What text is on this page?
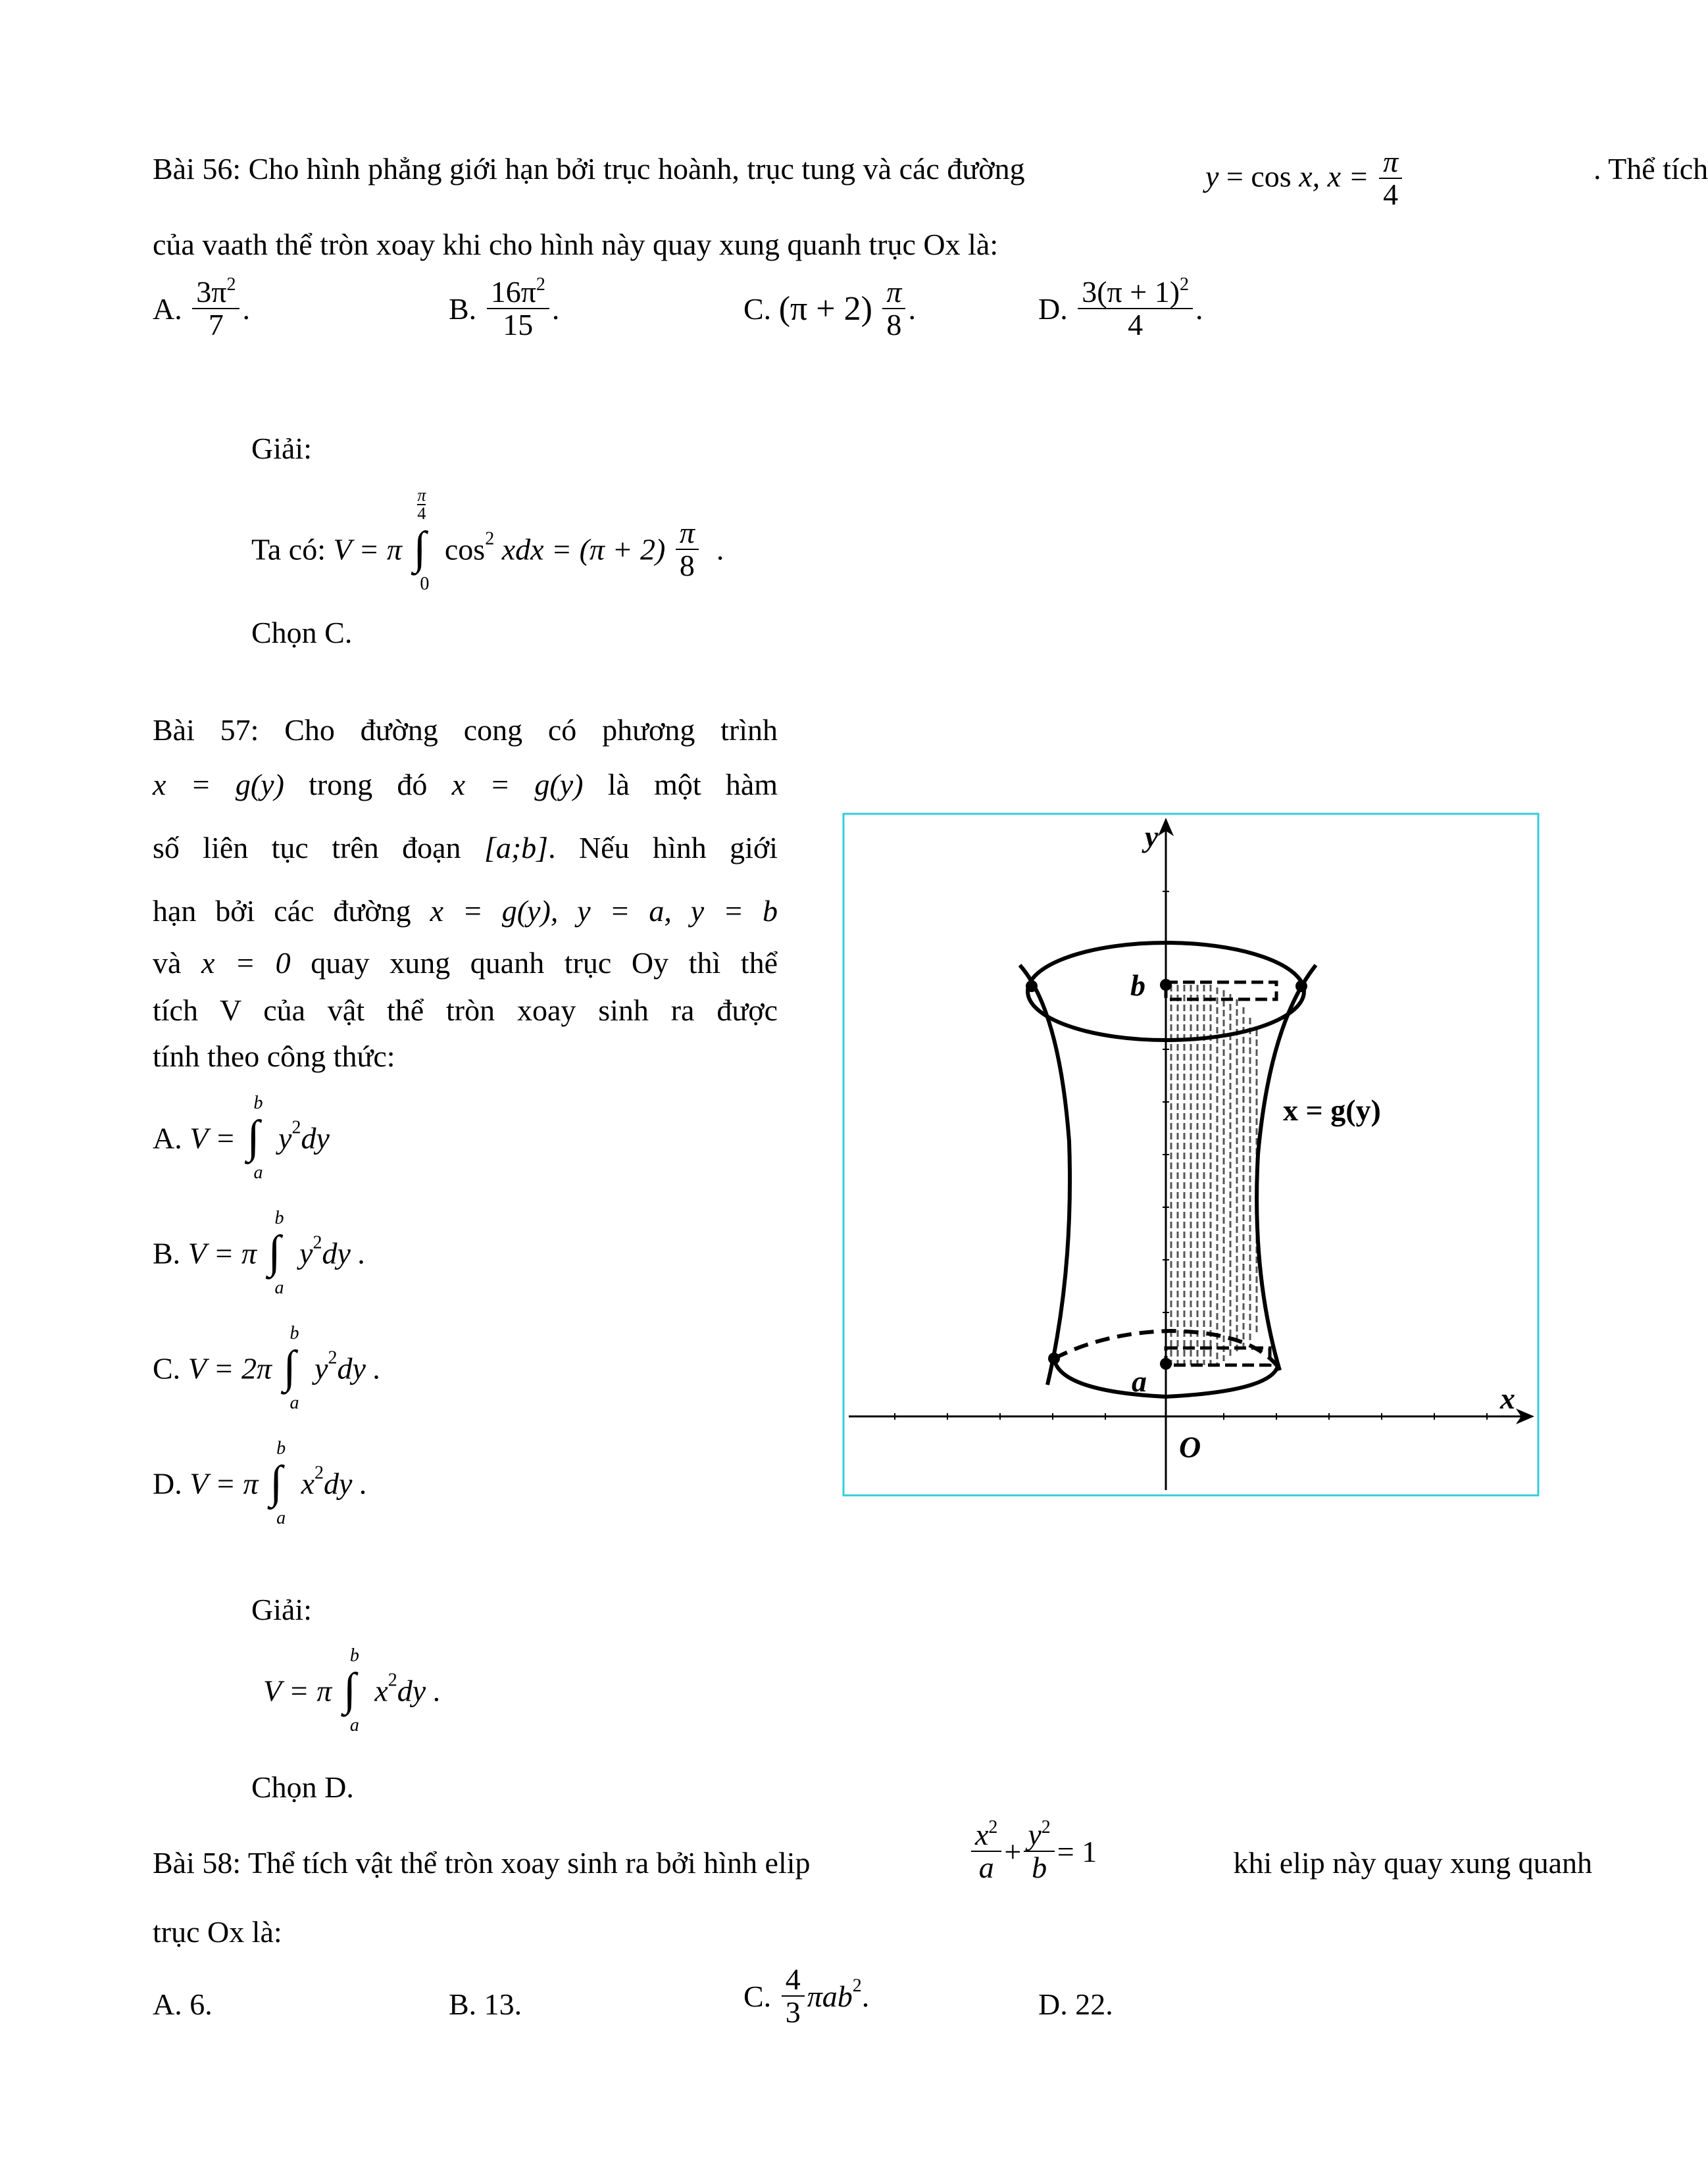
Bài 56: Cho hình phẳng giới hạn bởi trục hoành, trục tung và các đường	y = cos x, $x = \frac{\pi}{4}$	. Thể tích
của vaath thể tròn xoay khi cho hình này quay xung quanh trục Ox là:
A. $\frac{3\pi^2}{7}$ .	B. $\frac{16\pi^2}{15}$ .	C. $(\pi + 2) \frac{\pi}{8}$ .	D. $\frac{3(\pi + 1)^2}{4}$ .
Giải:
Ta có: V = π
π
4
∫
0
$\cos^2$ xdx = $(\pi + 2) \frac{\pi}{8}$ .
Chọn C.
Bài 57: Cho đường cong có phương trình
x = g(y) trong đó x = g(y) là một hàm
số liên tục trên đoạn [a;b]. Nếu hình giới
hạn bởi các đường x = g(y), y = a, y = b
và x = 0 quay xung quanh trục Oy thì thể
tích V của vật thể tròn xoay sinh ra được
tính theo công thức:
A. V =
b
∫
a
$y^2dy$
B. V = π
b
∫
a
$y^2dy$ .
C. V = 2π
b
∫
a
$y^2dy$ .
D. V = π
b
∫
a
$x^2dy$ .
Giải:
V = π
b
∫
a
$x^2dy$ .
Chọn D.
y
x
O
b
a
x = g(y)
Bài 58: Thể tích vật thể tròn xoay sinh ra bởi hình elip	$\frac{x^2}{a} + \frac{y^2}{b} = 1$	khi elip này quay xung quanh
trục Ox là:
A. 6.	B. 13.	C. $\frac{4}{3} \pi ab^2$.	D. 22.
